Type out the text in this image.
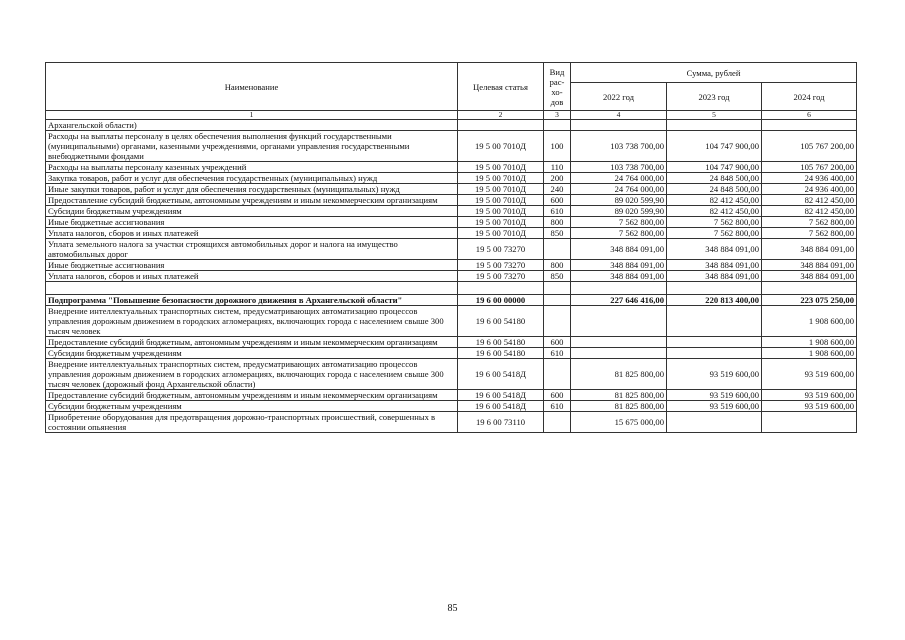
Наименование	Целевая статья	Вид рас-хо-дов	Сумма, рублей		
			2022 год	2023 год	2024 год
1	2	3	4	5	6
Архангельской области)					
Расходы на выплаты персоналу в целях обеспечения выполнения функций государственными (муниципальными) органами, казенными учреждениями, органами управления государственными внебюджетными фондами	19 5 00 7010Д	100	103 738 700,00	104 747 900,00	105 767 200,00
Расходы на выплаты персоналу казенных учреждений	19 5 00 7010Д	110	103 738 700,00	104 747 900,00	105 767 200,00
Закупка товаров, работ и услуг для обеспечения государственных (муниципальных) нужд	19 5 00 7010Д	200	24 764 000,00	24 848 500,00	24 936 400,00
Иные закупки товаров, работ и услуг для обеспечения государственных (муниципальных) нужд	19 5 00 7010Д	240	24 764 000,00	24 848 500,00	24 936 400,00
Предоставление субсидий бюджетным, автономным учреждениям и иным некоммерческим организациям	19 5 00 7010Д	600	89 020 599,90	82 412 450,00	82 412 450,00
Субсидии бюджетным учреждениям	19 5 00 7010Д	610	89 020 599,90	82 412 450,00	82 412 450,00
Иные бюджетные ассигнования	19 5 00 7010Д	800	7 562 800,00	7 562 800,00	7 562 800,00
Уплата налогов, сборов и иных платежей	19 5 00 7010Д	850	7 562 800,00	7 562 800,00	7 562 800,00
Уплата земельного налога за участки строящихся автомобильных дорог и налога на имущество автомобильных дорог	19 5 00 73270		348 884 091,00	348 884 091,00	348 884 091,00
Иные бюджетные ассигнования	19 5 00 73270	800	348 884 091,00	348 884 091,00	348 884 091,00
Уплата налогов, сборов и иных платежей	19 5 00 73270	850	348 884 091,00	348 884 091,00	348 884 091,00

Подпрограмма "Повышение безопасности дорожного движения в Архангельской области"	19 6 00 00000		227 646 416,00	220 813 400,00	223 075 250,00
Внедрение интеллектуальных транспортных систем, предусматривающих автоматизацию процессов управления дорожным движением в городских агломерациях, включающих города с населением свыше 300 тысяч человек	19 6 00 54180				1 908 600,00
Предоставление субсидий бюджетным, автономным учреждениям и иным некоммерческим организациям	19 6 00 54180	600			1 908 600,00
Субсидии бюджетным учреждениям	19 6 00 54180	610			1 908 600,00
Внедрение интеллектуальных транспортных систем, предусматривающих автоматизацию процессов управления дорожным движением в городских агломерациях, включающих города с населением свыше 300 тысяч человек (дорожный фонд Архангельской области)	19 6 00 5418Д		81 825 800,00	93 519 600,00	93 519 600,00
Предоставление субсидий бюджетным, автономным учреждениям и иным некоммерческим организациям	19 6 00 5418Д	600	81 825 800,00	93 519 600,00	93 519 600,00
Субсидии бюджетным учреждениям	19 6 00 5418Д	610	81 825 800,00	93 519 600,00	93 519 600,00
Приобретение оборудования для предотвращения дорожно-транспортных происшествий, совершенных в состоянии опьянения	19 6 00 73110		15 675 000,00		
85
